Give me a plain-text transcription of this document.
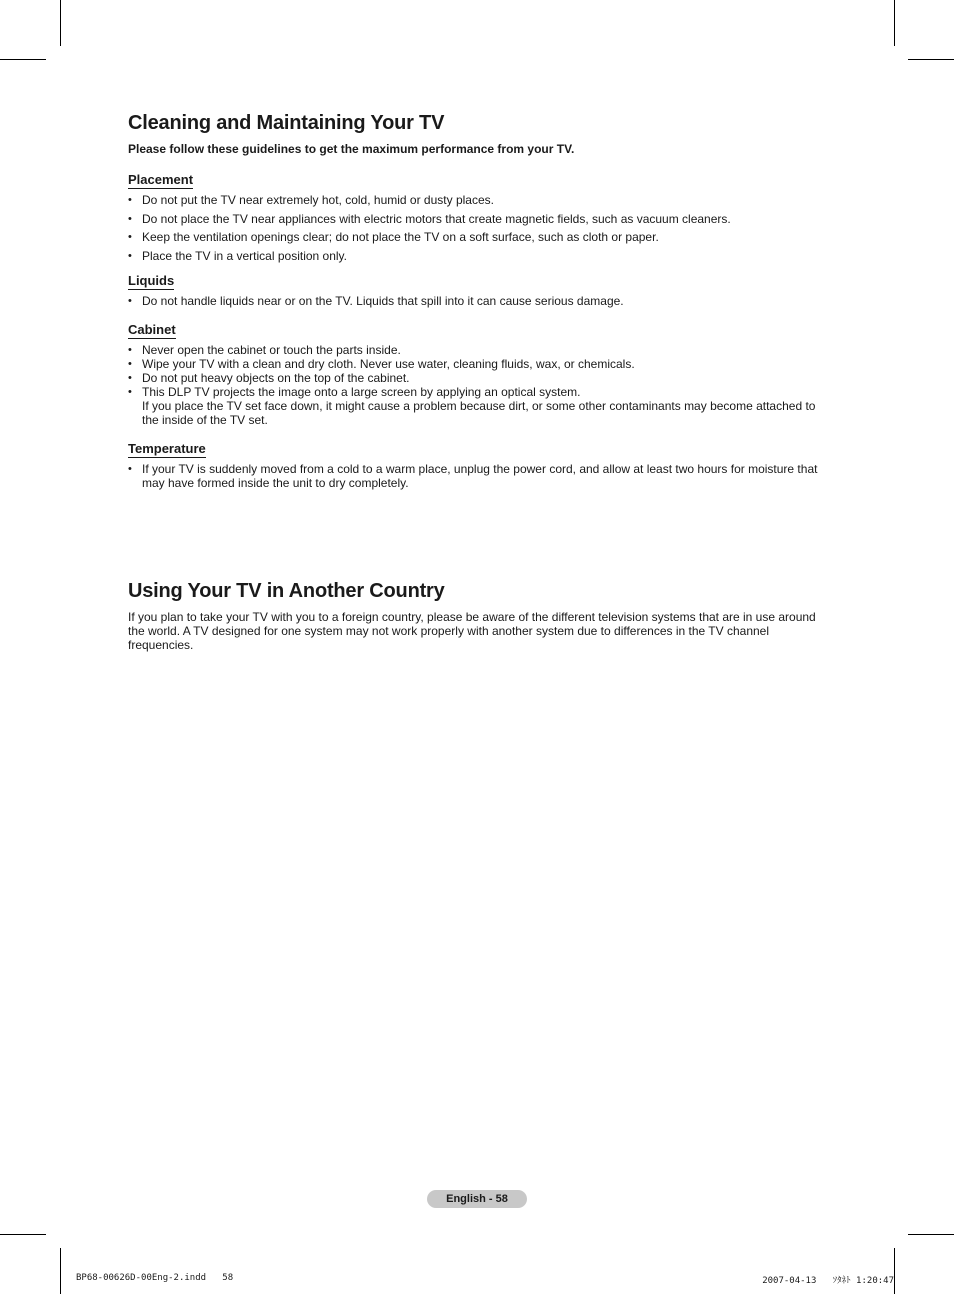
Cleaning and Maintaining Your TV

Please follow these guidelines to get the maximum performance from your TV.

Placement
• Do not put the TV near extremely hot, cold, humid or dusty places.
• Do not place the TV near appliances with electric motors that create magnetic fields, such as vacuum cleaners.
• Keep the ventilation openings clear; do not place the TV on a soft surface, such as cloth or paper.
• Place the TV in a vertical position only.
Liquids
• Do not handle liquids near or on the TV. Liquids that spill into it can cause serious damage.
Cabinet
• Never open the cabinet or touch the parts inside.
• Wipe your TV with a clean and dry cloth. Never use water, cleaning fluids, wax, or chemicals.
• Do not put heavy objects on the top of the cabinet.
• This DLP TV projects the image onto a large screen by applying an optical system.
If you place the TV set face down, it might cause a problem because dirt, or some other contaminants may become attached to the inside of the TV set.
Temperature
• If your TV is suddenly moved from a cold to a warm place, unplug the power cord, and allow at least two hours for moisture that may have formed inside the unit to dry completely.
Using Your TV in Another Country

If you plan to take your TV with you to a foreign country, please be aware of the different television systems that are in use around the world. A TV designed for one system may not work properly with another system due to differences in the TV channel frequencies.

English - 58
BP68-00626D-00Eng-2.indd   58	2007-04-13   ｿﾀﾈﾄ 1:20:47
